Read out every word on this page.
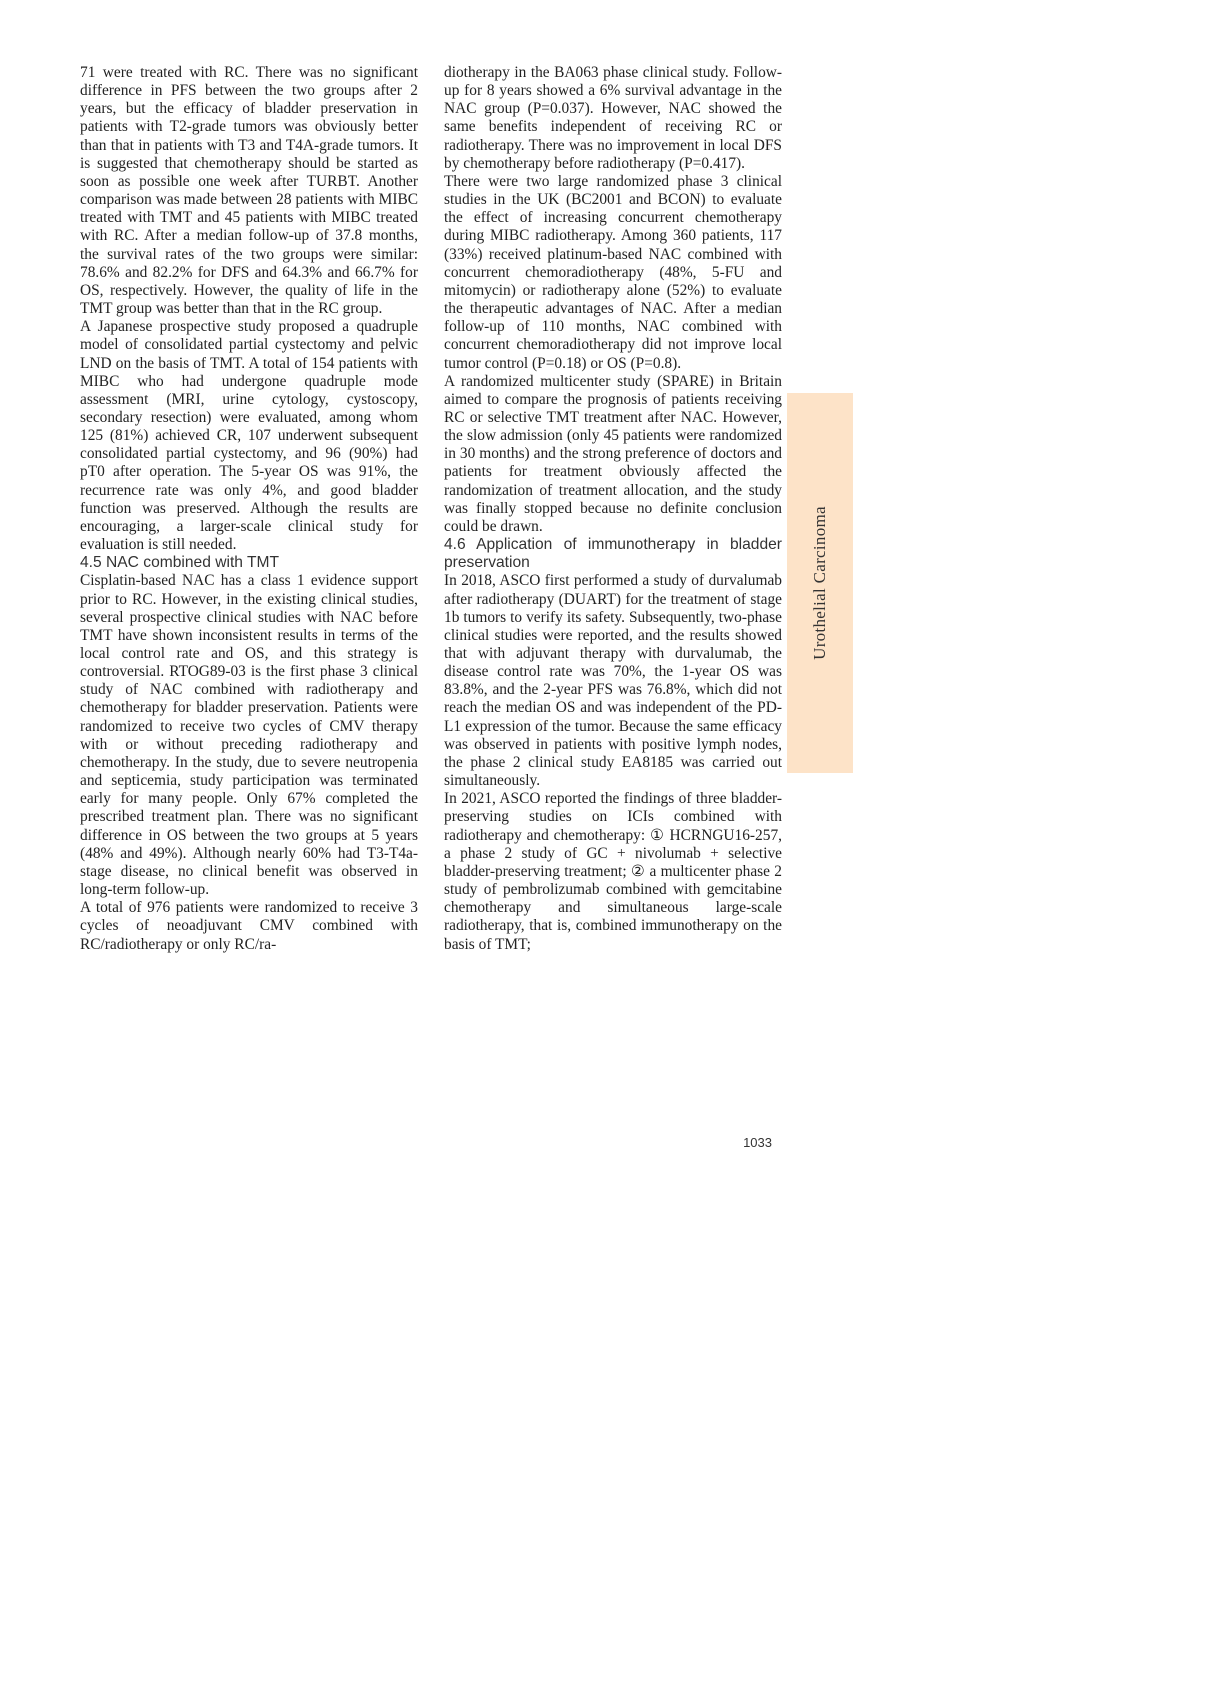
71 were treated with RC. There was no significant difference in PFS between the two groups after 2 years, but the efficacy of bladder preservation in patients with T2-grade tumors was obviously better than that in patients with T3 and T4A-grade tumors. It is suggested that chemotherapy should be started as soon as possible one week after TURBT. Another comparison was made between 28 patients with MIBC treated with TMT and 45 patients with MIBC treated with RC. After a median follow-up of 37.8 months, the survival rates of the two groups were similar: 78.6% and 82.2% for DFS and 64.3% and 66.7% for OS, respectively. However, the quality of life in the TMT group was better than that in the RC group.

A Japanese prospective study proposed a quadruple model of consolidated partial cystectomy and pelvic LND on the basis of TMT. A total of 154 patients with MIBC who had undergone quadruple mode assessment (MRI, urine cytology, cystoscopy, secondary resection) were evaluated, among whom 125 (81%) achieved CR, 107 underwent subsequent consolidated partial cystectomy, and 96 (90%) had pT0 after operation. The 5-year OS was 91%, the recurrence rate was only 4%, and good bladder function was preserved. Although the results are encouraging, a larger-scale clinical study for evaluation is still needed.

4.5 NAC combined with TMT

Cisplatin-based NAC has a class 1 evidence support prior to RC. However, in the existing clinical studies, several prospective clinical studies with NAC before TMT have shown inconsistent results in terms of the local control rate and OS, and this strategy is controversial. RTOG89-03 is the first phase 3 clinical study of NAC combined with radiotherapy and chemotherapy for bladder preservation. Patients were randomized to receive two cycles of CMV therapy with or without preceding radiotherapy and chemotherapy. In the study, due to severe neutropenia and septicemia, study participation was terminated early for many people. Only 67% completed the prescribed treatment plan. There was no significant difference in OS between the two groups at 5 years (48% and 49%). Although nearly 60% had T3-T4a-stage disease, no clinical benefit was observed in long-term follow-up.

A total of 976 patients were randomized to receive 3 cycles of neoadjuvant CMV combined with RC/radiotherapy or only RC/ra-

diotherapy in the BA063 phase clinical study. Follow-up for 8 years showed a 6% survival advantage in the NAC group (P=0.037). However, NAC showed the same benefits independent of receiving RC or radiotherapy. There was no improvement in local DFS by chemotherapy before radiotherapy (P=0.417).

There were two large randomized phase 3 clinical studies in the UK (BC2001 and BCON) to evaluate the effect of increasing concurrent chemotherapy during MIBC radiotherapy. Among 360 patients, 117 (33%) received platinum-based NAC combined with concurrent chemoradiotherapy (48%, 5-FU and mitomycin) or radiotherapy alone (52%) to evaluate the therapeutic advantages of NAC. After a median follow-up of 110 months, NAC combined with concurrent chemoradiotherapy did not improve local tumor control (P=0.18) or OS (P=0.8).

A randomized multicenter study (SPARE) in Britain aimed to compare the prognosis of patients receiving RC or selective TMT treatment after NAC. However, the slow admission (only 45 patients were randomized in 30 months) and the strong preference of doctors and patients for treatment obviously affected the randomization of treatment allocation, and the study was finally stopped because no definite conclusion could be drawn.

4.6 Application of immunotherapy in bladder preservation

In 2018, ASCO first performed a study of durvalumab after radiotherapy (DUART) for the treatment of stage 1b tumors to verify its safety. Subsequently, two-phase clinical studies were reported, and the results showed that with adjuvant therapy with durvalumab, the disease control rate was 70%, the 1-year OS was 83.8%, and the 2-year PFS was 76.8%, which did not reach the median OS and was independent of the PD-L1 expression of the tumor. Because the same efficacy was observed in patients with positive lymph nodes, the phase 2 clinical study EA8185 was carried out simultaneously.

In 2021, ASCO reported the findings of three bladder-preserving studies on ICIs combined with radiotherapy and chemotherapy: ① HCRNGU16-257, a phase 2 study of GC + nivolumab + selective bladder-preserving treatment; ② a multicenter phase 2 study of pembrolizumab combined with gemcitabine chemotherapy and simultaneous large-scale radiotherapy, that is, combined immunotherapy on the basis of TMT;

1033
Urothelial Carcinoma
